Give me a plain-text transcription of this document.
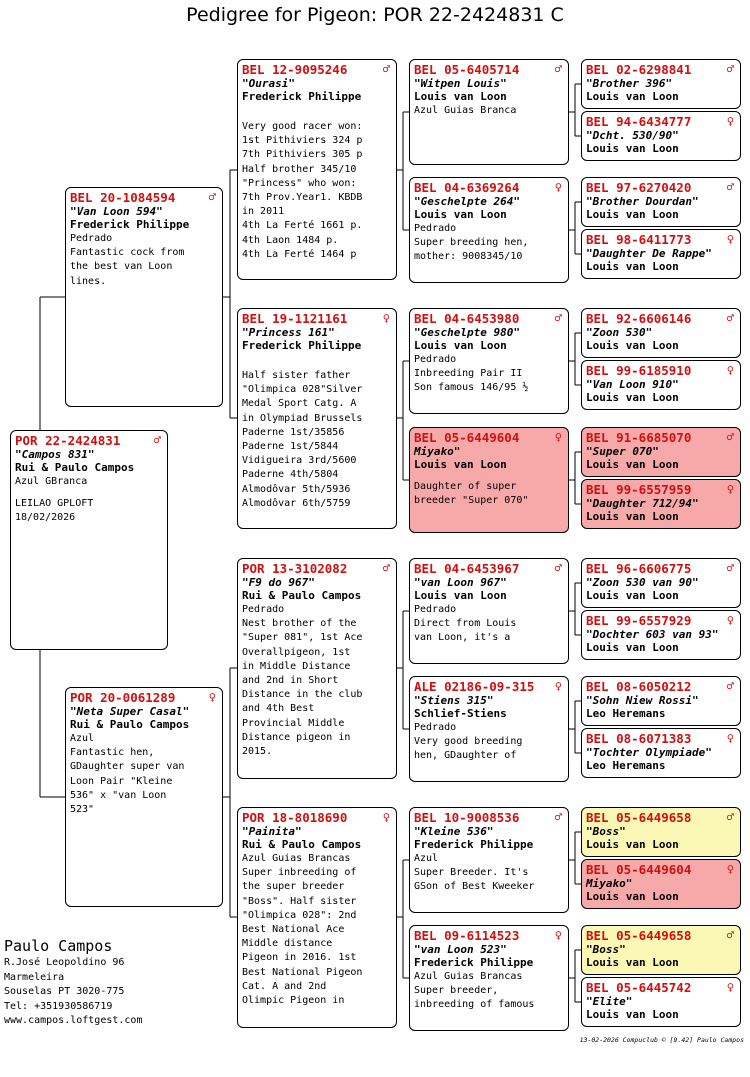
Pedigree for Pigeon: POR 22-2424831 C
POR 22-2424831	♂
"Campos 831"
Rui & Paulo Campos
Azul GBranca
LEILAO GPLOFT
18/02/2026
BEL 20-1084594	♂
"Van Loon 594"
Frederick Philippe
Pedrado
Fantastic cock from
the best van Loon
lines.
POR 20-0061289	♀
"Neta Super Casal"
Rui & Paulo Campos
Azul
Fantastic hen,
GDaughter super van
Loon Pair "Kleine
536" x "van Loon
523"
BEL 12-9095246	♂
"Ourasi"
Frederick Philippe
Very good racer won:
1st Pithiviers 324 p
7th Pithiviers 305 p
Half brother 345/10
"Princess" who won:
7th Prov.Year1. KBDB
in 2011
4th La Ferté 1661 p.
4th Laon 1484 p.
4th La Ferté 1464 p
BEL 19-1121161	♀
"Princess 161"
Frederick Philippe
Half sister father
"Olimpica 028"Silver
Medal Sport Catg. A
in Olympiad Brussels
Paderne 1st/35856
Paderne 1st/5844
Vidigueira 3rd/5600
Paderne 4th/5804
Almodôvar 5th/5936
Almodôvar 6th/5759
POR 13-3102082	♂
"F9 do 967"
Rui & Paulo Campos
Pedrado
Nest brother of the
"Super 081", 1st Ace
Overallpigeon, 1st
in Middle Distance
and 2nd in Short
Distance in the club
and 4th Best
Provincial Middle
Distance pigeon in
2015.
POR 18-8018690	♀
"Painita"
Rui & Paulo Campos
Azul Guias Brancas
Super inbreeding of
the super breeder
"Boss". Half sister
"Olimpica 028": 2nd
Best National Ace
Middle distance
Pigeon in 2016. 1st
Best National Pigeon
Cat. A and 2nd
Olimpic Pigeon in
BEL 05-6405714	♂
"Witpen Louis"
Louis van Loon
Azul Guias Branca
BEL 04-6369264	♀
"Geschelpte 264"
Louis van Loon
Pedrado
Super breeding hen,
mother: 9008345/10
BEL 04-6453980	♂
"Geschelpte 980"
Louis van Loon
Pedrado
Inbreeding Pair II
Son famous 146/95 ½
BEL 05-6449604	♀
Miyako"
Louis van Loon
Daughter of super
breeder "Super 070"
BEL 04-6453967	♂
"van Loon 967"
Louis van Loon
Pedrado
Direct from Louis
van Loon, it's a
ALE 02186-09-315	♀
"Stiens 315"
Schlief-Stiens
Pedrado
Very good breeding
hen, GDaughter of
BEL 10-9008536	♂
"Kleine 536"
Frederick Philippe
Azul
Super Breeder. It's
GSon of Best Kweeker
BEL 09-6114523	♀
"van Loon 523"
Frederick Philippe
Azul Guias Brancas
Super breeder,
inbreeding of famous
BEL 02-6298841	♂
"Brother 396"
Louis van Loon
BEL 94-6434777	♀
"Dcht. 530/90"
Louis van Loon
BEL 97-6270420	♂
"Brother Dourdan"
Louis van Loon
BEL 98-6411773	♀
"Daughter De Rappe"
Louis van Loon
BEL 92-6606146	♂
"Zoon 530"
Louis van Loon
BEL 99-6185910	♀
"Van Loon 910"
Louis van Loon
BEL 91-6685070	♂
"Super 070"
Louis van Loon
BEL 99-6557959	♀
"Daughter 712/94"
Louis van Loon
BEL 96-6606775	♂
"Zoon 530 van 90"
Louis van Loon
BEL 99-6557929	♀
"Dochter 603 van 93"
Louis van Loon
BEL 08-6050212	♂
"Sohn Niew Rossi"
Leo Heremans
BEL 08-6071383	♀
"Tochter Olympiade"
Leo Heremans
BEL 05-6449658	♂
"Boss"
Louis van Loon
BEL 05-6449604	♀
Miyako"
Louis van Loon
BEL 05-6449658	♂
"Boss"
Louis van Loon
BEL 05-6445742	♀
"Elite"
Louis van Loon
Paulo Campos
R.José Leopoldino 96
Marmeleira
Souselas PT 3020-775
Tel: +351930586719
www.campos.loftgest.com
13-02-2026 Compuclub © [9.42] Paulo Campos
